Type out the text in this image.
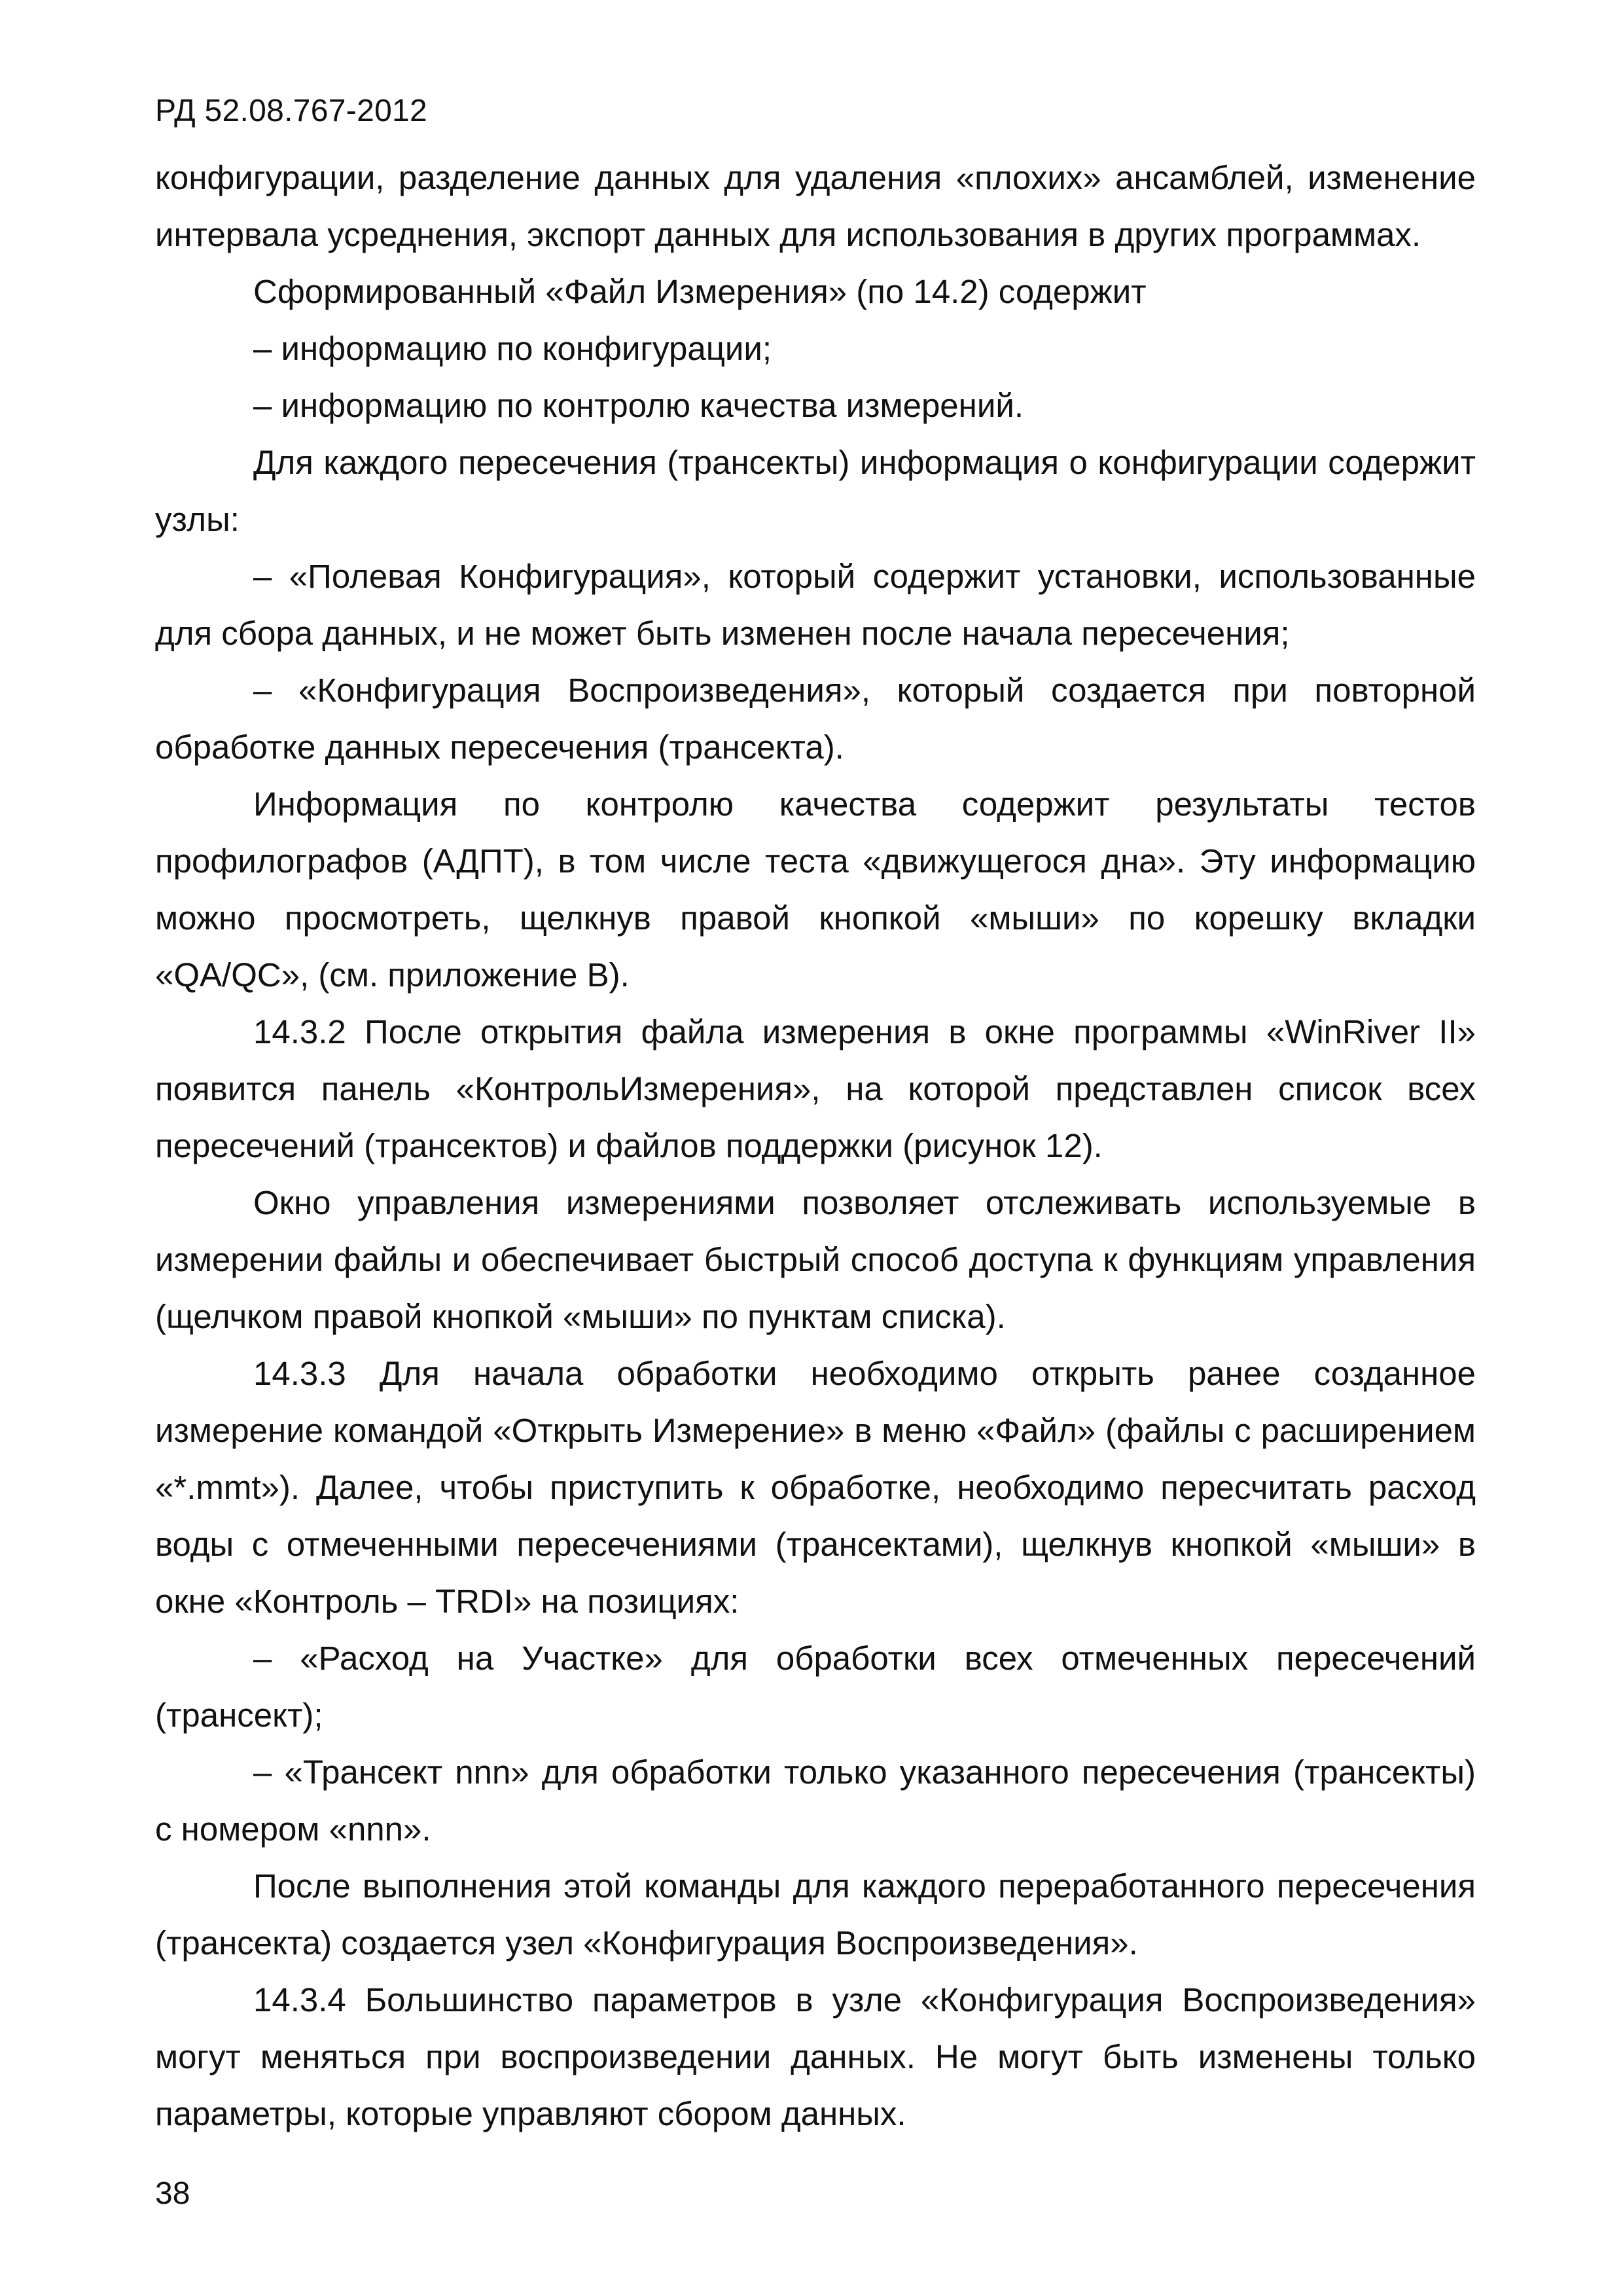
РД 52.08.767-2012

конфигурации, разделение данных для удаления «плохих» ансамблей, изменение интервала усреднения, экспорт данных для использования в других программах.

Сформированный «Файл Измерения» (по 14.2) содержит

– информацию по конфигурации;

– информацию по контролю качества измерений.

Для каждого пересечения (трансекты) информация о конфигурации содержит узлы:

– «Полевая Конфигурация», который содержит установки, использованные для сбора данных, и не может быть изменен после начала пересечения;

– «Конфигурация Воспроизведения», который создается при повторной обработке данных пересечения (трансекта).

Информация по контролю качества содержит результаты тестов профилографов (АДПТ), в том числе теста «движущегося дна». Эту информацию можно просмотреть, щелкнув правой кнопкой «мыши» по корешку вкладки «QA/QC», (см. приложение В).

14.3.2 После открытия файла измерения в окне программы «WinRiver II» появится панель «КонтрольИзмерения», на которой представлен список всех пересечений (трансектов) и файлов поддержки (рисунок 12).

Окно управления измерениями позволяет отслеживать используемые в измерении файлы и обеспечивает быстрый способ доступа к функциям управления (щелчком правой кнопкой «мыши» по пунктам списка).

14.3.3 Для начала обработки необходимо открыть ранее созданное измерение командой «Открыть Измерение» в меню «Файл» (файлы с расширением «*.mmt»). Далее, чтобы приступить к обработке, необходимо пересчитать расход воды с отмеченными пересечениями (трансектами), щелкнув кнопкой «мыши» в окне «Контроль – TRDI» на позициях:

– «Расход на Участке» для обработки всех отмеченных пересечений (трансект);

– «Трансект nnn» для обработки только указанного пересечения (трансекты) с номером «nnn».

После выполнения этой команды для каждого переработанного пересечения (трансекта) создается узел «Конфигурация Воспроизведения».

14.3.4 Большинство параметров в узле «Конфигурация Воспроизведения» могут меняться при воспроизведении данных. Не могут быть изменены только параметры, которые управляют сбором данных.

38
